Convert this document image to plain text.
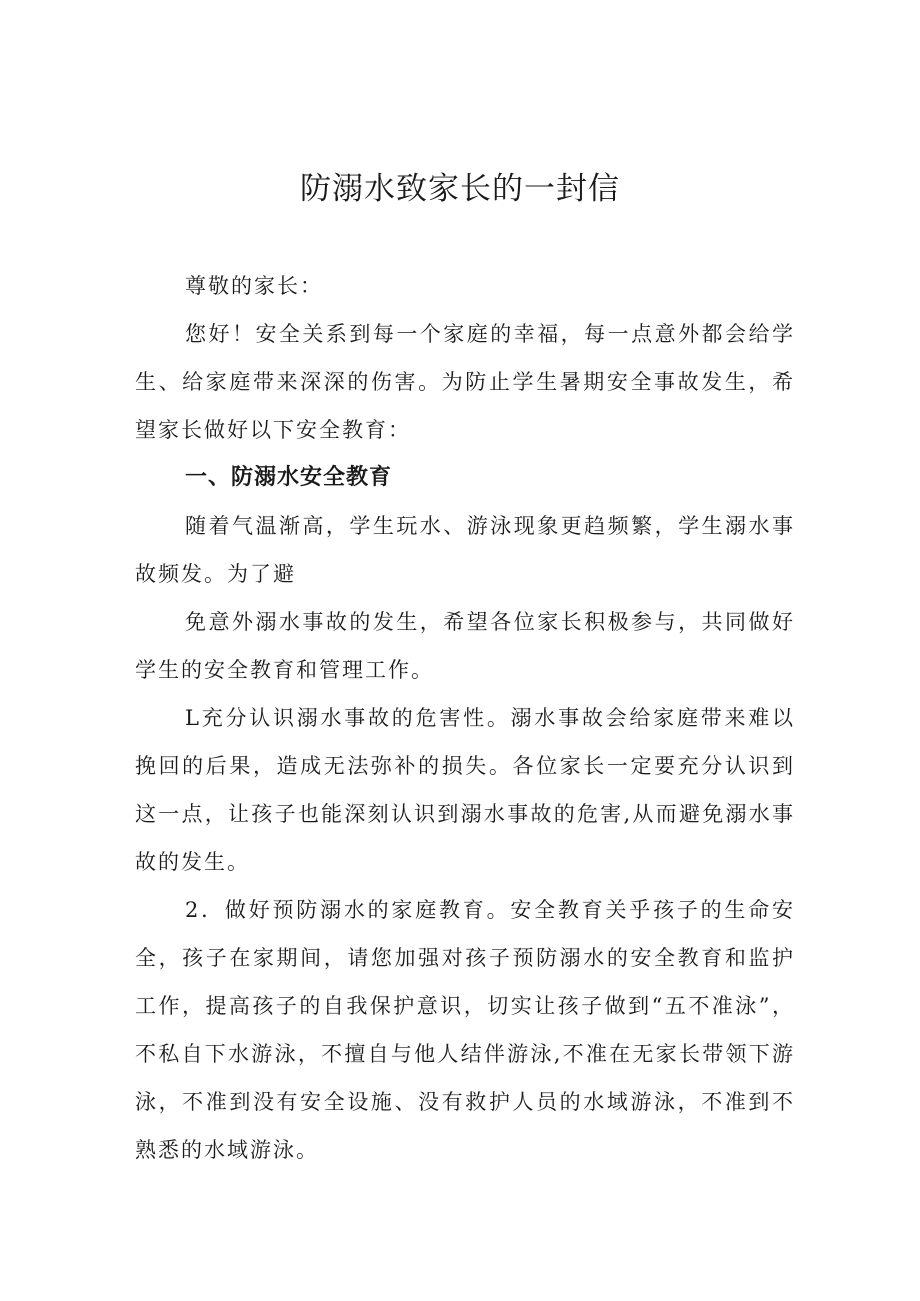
防溺水致家长的一封信

尊敬的家长：

您好！安全关系到每一个家庭的幸福，每一点意外都会给学生、给家庭带来深深的伤害。为防止学生暑期安全事故发生，希望家长做好以下安全教育：

一、防溺水安全教育

随着气温渐高，学生玩水、游泳现象更趋频繁，学生溺水事故频发。为了避

免意外溺水事故的发生，希望各位家长积极参与，共同做好学生的安全教育和管理工作。

L充分认识溺水事故的危害性。溺水事故会给家庭带来难以挽回的后果，造成无法弥补的损失。各位家长一定要充分认识到这一点，让孩子也能深刻认识到溺水事故的危害,从而避免溺水事故的发生。

2．做好预防溺水的家庭教育。安全教育关乎孩子的生命安全，孩子在家期间，请您加强对孩子预防溺水的安全教育和监护工作，提高孩子的自我保护意识，切实让孩子做到“五不准泳”，不私自下水游泳，不擅自与他人结伴游泳,不准在无家长带领下游泳，不准到没有安全设施、没有救护人员的水域游泳，不准到不熟悉的水域游泳。
